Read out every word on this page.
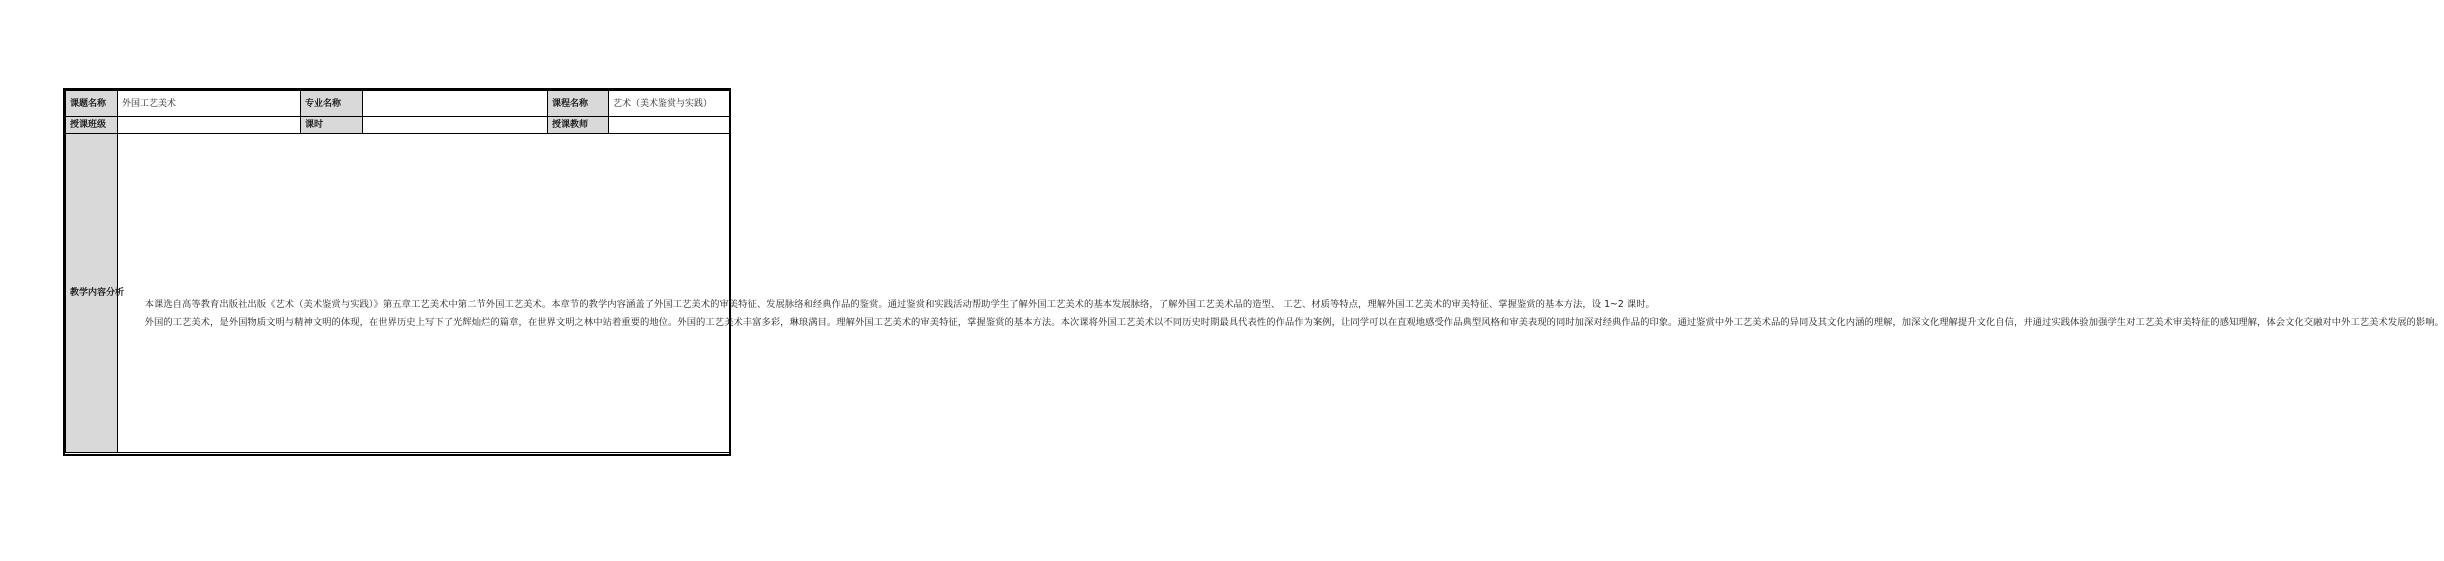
课题名称	外国工艺美术	专业名称		课程名称	艺术（美术鉴赏与实践）
授课班级		课时		授课教师	
教学内容分析	本课选自高等教育出版社出版《艺术（美术鉴赏与实践）》第五章工艺美术中第二节外国工艺美术。本章节的教学内容涵盖了外国工艺美术的审美特征、发展脉络和经典作品的鉴赏。通过鉴赏和实践活动帮助学生了解外国工艺美术的基本发展脉络，了解外国工艺美术品的造型、 工艺、材质等特点，理解外国工艺美术的审美特征、掌握鉴赏的基本方法，设 1~2 课时。

外国的工艺美术，是外国物质文明与精神文明的体现，在世界历史上写下了光辉灿烂的篇章，在世界文明之林中站着重要的地位。外国的工艺美术丰富多彩，琳琅满目。理解外国工艺美术的审美特征，掌握鉴赏的基本方法。本次课将外国工艺美术以不同历史时期最具代表性的作品作为案例，让同学可以在直观地感受作品典型风格和审美表现的同时加深对经典作品的印象。通过鉴赏中外工艺美术品的异同及其文化内涵的理解，加深文化理解提升文化自信，并通过实践体验加强学生对工艺美术审美特征的感知理解，体会文化交融对中外工艺美术发展的影响。				
